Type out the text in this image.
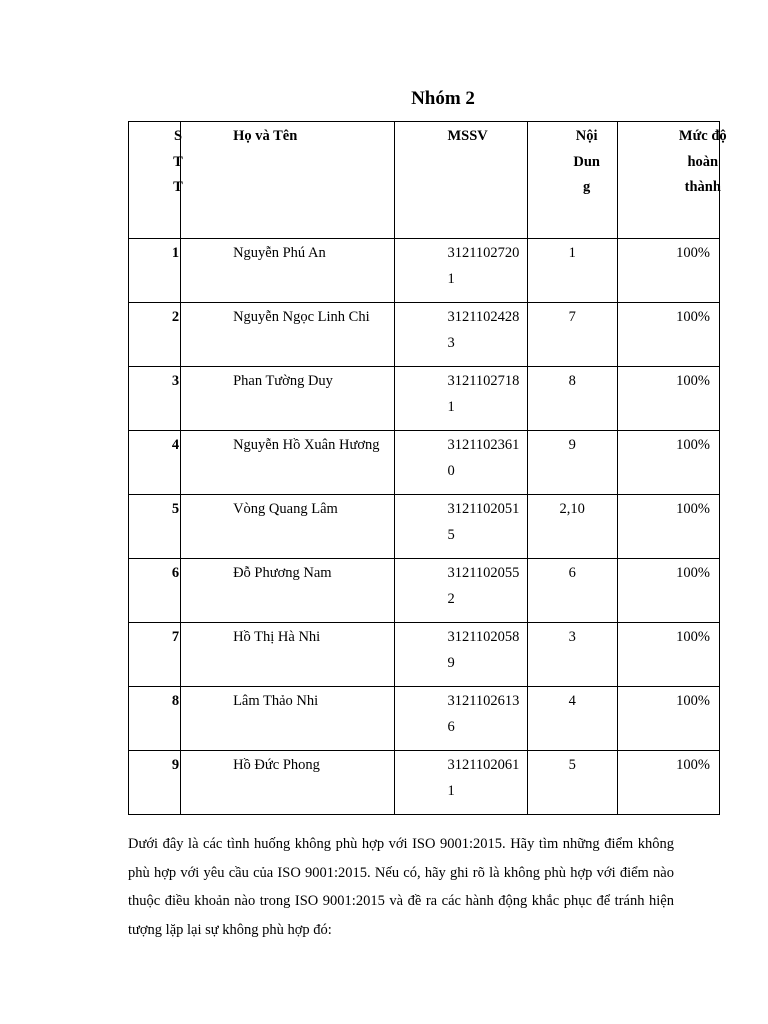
Nhóm 2
STT	Họ và Tên	MSSV	Nội Dung	Mức độ hoàn thành

1	Nguyễn Phú An	31211027201	1	100%
2	Nguyễn Ngọc Linh Chi	31211024283	7	100%
3	Phan Tường Duy	31211027181	8	100%
4	Nguyễn Hồ Xuân Hương	31211023610	9	100%
5	Vòng Quang Lâm	31211020515	2,10	100%
6	Đỗ Phương Nam	31211020552	6	100%
7	Hồ Thị Hà Nhi	31211020589	3	100%
8	Lâm Thảo Nhi	31211026136	4	100%
9	Hồ Đức Phong	31211020611	5	100%
Dưới đây là các tình huống không phù hợp với ISO 9001:2015. Hãy tìm những điểm không phù hợp với yêu cầu của ISO 9001:2015. Nếu có, hãy ghi rõ là không phù hợp với điểm nào thuộc điều khoản nào trong ISO 9001:2015 và đề ra các hành động khắc phục để tránh hiện tượng lặp lại sự không phù hợp đó:
